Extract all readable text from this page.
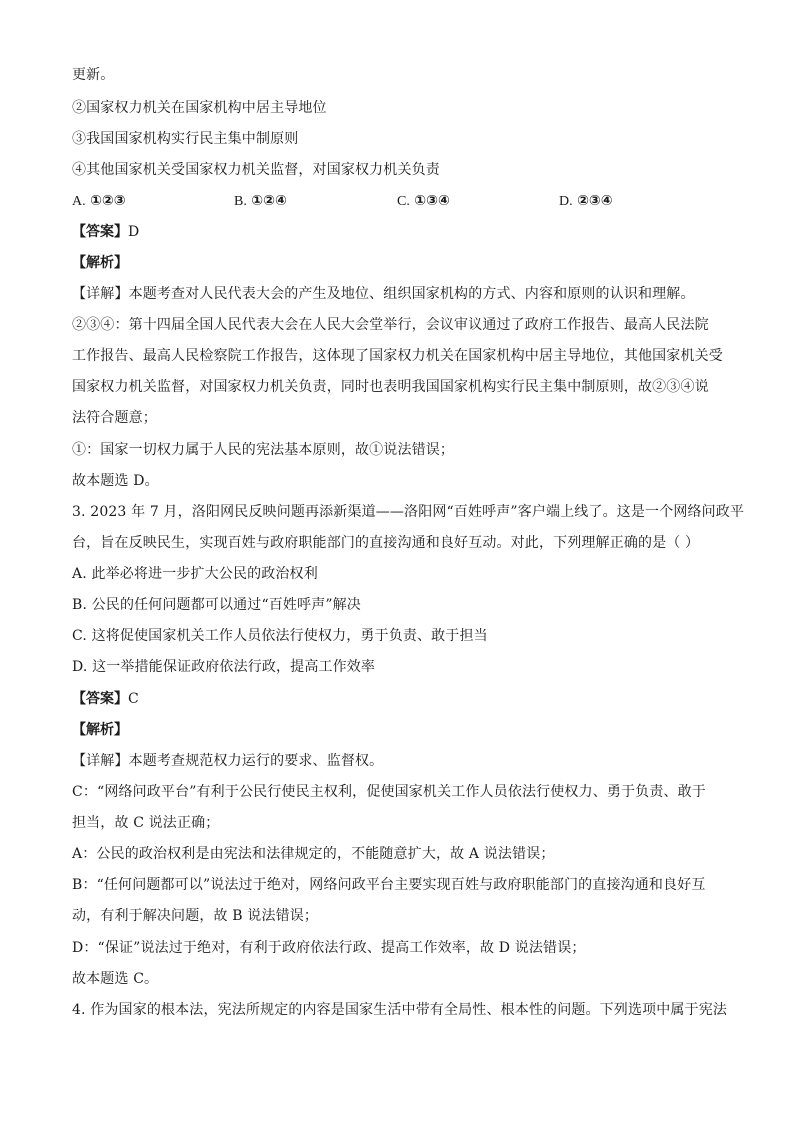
更新。
②国家权力机关在国家机构中居主导地位
③我国国家机构实行民主集中制原则
④其他国家机关受国家权力机关监督，对国家权力机关负责
A. ①②③	B. ①②④	C. ①③④	D. ②③④
【答案】D
【解析】
【详解】本题考查对人民代表大会的产生及地位、组织国家机构的方式、内容和原则的认识和理解。
②③④：第十四届全国人民代表大会在人民大会堂举行，会议审议通过了政府工作报告、最高人民法院
工作报告、最高人民检察院工作报告，这体现了国家权力机关在国家机构中居主导地位，其他国家机关受
国家权力机关监督，对国家权力机关负责，同时也表明我国国家机构实行民主集中制原则，故②③④说
法符合题意；
①：国家一切权力属于人民的宪法基本原则，故①说法错误；
故本题选 D。
3. 2023 年 7 月，洛阳网民反映问题再添新渠道——洛阳网“百姓呼声”客户端上线了。这是一个网络问政平
台，旨在反映民生，实现百姓与政府职能部门的直接沟通和良好互动。对此，下列理解正确的是（ ）
A. 此举必将进一步扩大公民的政治权利
B. 公民的任何问题都可以通过“百姓呼声”解决
C. 这将促使国家机关工作人员依法行使权力，勇于负责、敢于担当
D. 这一举措能保证政府依法行政，提高工作效率
【答案】C
【解析】
【详解】本题考查规范权力运行的要求、监督权。
C：“网络问政平台”有利于公民行使民主权利，促使国家机关工作人员依法行使权力、勇于负责、敢于
担当，故 C 说法正确；
A：公民的政治权利是由宪法和法律规定的，不能随意扩大，故 A 说法错误；
B：“任何问题都可以”说法过于绝对，网络问政平台主要实现百姓与政府职能部门的直接沟通和良好互
动，有利于解决问题，故 B 说法错误；
D：“保证”说法过于绝对，有利于政府依法行政、提高工作效率，故 D 说法错误；
故本题选 C。
4. 作为国家的根本法，宪法所规定的内容是国家生活中带有全局性、根本性的问题。下列选项中属于宪法
